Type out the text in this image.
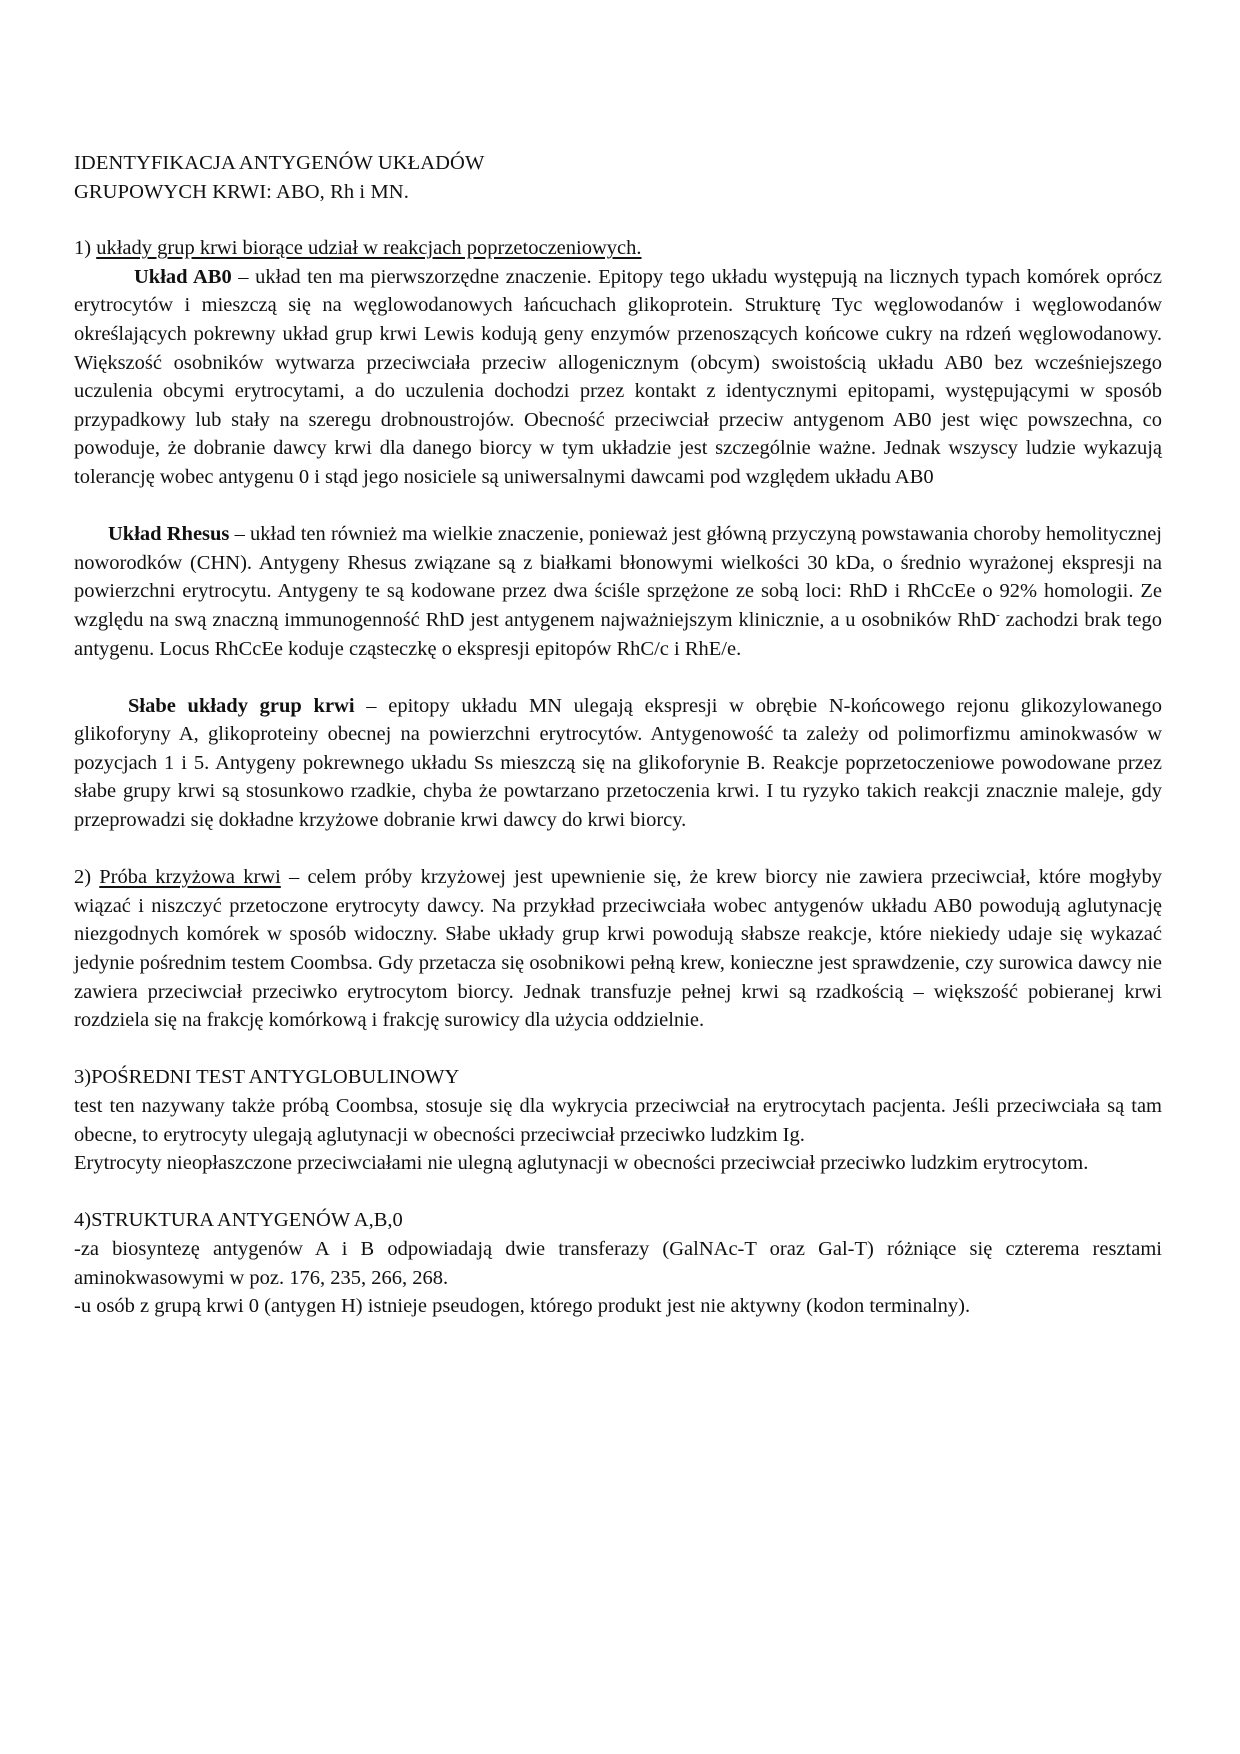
IDENTYFIKACJA ANTYGENÓW UKŁADÓW
GRUPOWYCH KRWI: ABO, Rh i MN.

1) układy grup krwi biorące udział w reakcjach poprzetoczeniowych.

Układ AB0 – układ ten ma pierwszorzędne znaczenie. Epitopy tego układu występują na licznych typach komórek oprócz erytrocytów i mieszczą się na węglowodanowych łańcuchach glikoprotein. Strukturę Tyc węglowodanów i węglowodanów określających pokrewny układ grup krwi Lewis kodują geny enzymów przenoszących końcowe cukry na rdzeń węglowodanowy. Większość osobników wytwarza przeciwciała przeciw allogenicznym (obcym) swoistością układu AB0 bez wcześniejszego uczulenia obcymi erytrocytami, a do uczulenia dochodzi przez kontakt z identycznymi epitopami, występującymi w sposób przypadkowy lub stały na szeregu drobnoustrojów. Obecność przeciwciał przeciw antygenom AB0 jest więc powszechna, co powoduje, że dobranie dawcy krwi dla danego biorcy w tym układzie jest szczególnie ważne. Jednak wszyscy ludzie wykazują tolerancję wobec antygenu 0 i stąd jego nosiciele są uniwersalnymi dawcami pod względem układu AB0

Układ Rhesus – układ ten również ma wielkie znaczenie, ponieważ jest główną przyczyną powstawania choroby hemolitycznej noworodków (CHN). Antygeny Rhesus związane są z białkami błonowymi wielkości 30 kDa, o średnio wyrażonej ekspresji na powierzchni erytrocytu. Antygeny te są kodowane przez dwa ściśle sprzężone ze sobą loci: RhD i RhCcEe o 92% homologii. Ze względu na swą znaczną immunogenność RhD jest antygenem najważniejszym klinicznie, a u osobników RhD- zachodzi brak tego antygenu. Locus RhCcEe koduje cząsteczkę o ekspresji epitopów RhC/c i RhE/e.

Słabe układy grup krwi – epitopy układu MN ulegają ekspresji w obrębie N-końcowego rejonu glikozylowanego glikoforyny A, glikoproteiny obecnej na powierzchni erytrocytów. Antygenowość ta zależy od polimorfizmu aminokwasów w pozycjach 1 i 5. Antygeny pokrewnego układu Ss mieszczą się na glikoforynie B. Reakcje poprzetoczeniowe powodowane przez słabe grupy krwi są stosunkowo rzadkie, chyba że powtarzano przetoczenia krwi. I tu ryzyko takich reakcji znacznie maleje, gdy przeprowadzi się dokładne krzyżowe dobranie krwi dawcy do krwi biorcy.

2) Próba krzyżowa krwi – celem próby krzyżowej jest upewnienie się, że krew biorcy nie zawiera przeciwciał, które mogłyby wiązać i niszczyć przetoczone erytrocyty dawcy. Na przykład przeciwciała wobec antygenów układu AB0 powodują aglutynację niezgodnych komórek w sposób widoczny. Słabe układy grup krwi powodują słabsze reakcje, które niekiedy udaje się wykazać jedynie pośrednim testem Coombsa. Gdy przetacza się osobnikowi pełną krew, konieczne jest sprawdzenie, czy surowica dawcy nie zawiera przeciwciał przeciwko erytrocytom biorcy. Jednak transfuzje pełnej krwi są rzadkością – większość pobieranej krwi rozdziela się na frakcję komórkową i frakcję surowicy dla użycia oddzielnie.

3)POŚREDNI TEST ANTYGLOBULINOWY

test ten nazywany także próbą Coombsa, stosuje się dla wykrycia przeciwciał na erytrocytach pacjenta. Jeśli przeciwciała są tam obecne, to erytrocyty ulegają aglutynacji w obecności przeciwciał przeciwko ludzkim Ig.

Erytrocyty nieopłaszczone przeciwciałami nie ulegną aglutynacji w obecności przeciwciał przeciwko ludzkim erytrocytom.

4)STRUKTURA ANTYGENÓW A,B,0

-za biosyntezę antygenów A i B odpowiadają dwie transferazy (GalNAc-T oraz Gal-T) różniące się czterema resztami aminokwasowymi w poz. 176, 235, 266, 268.

-u osób z grupą krwi 0 (antygen H) istnieje pseudogen, którego produkt jest nie aktywny (kodon terminalny).
